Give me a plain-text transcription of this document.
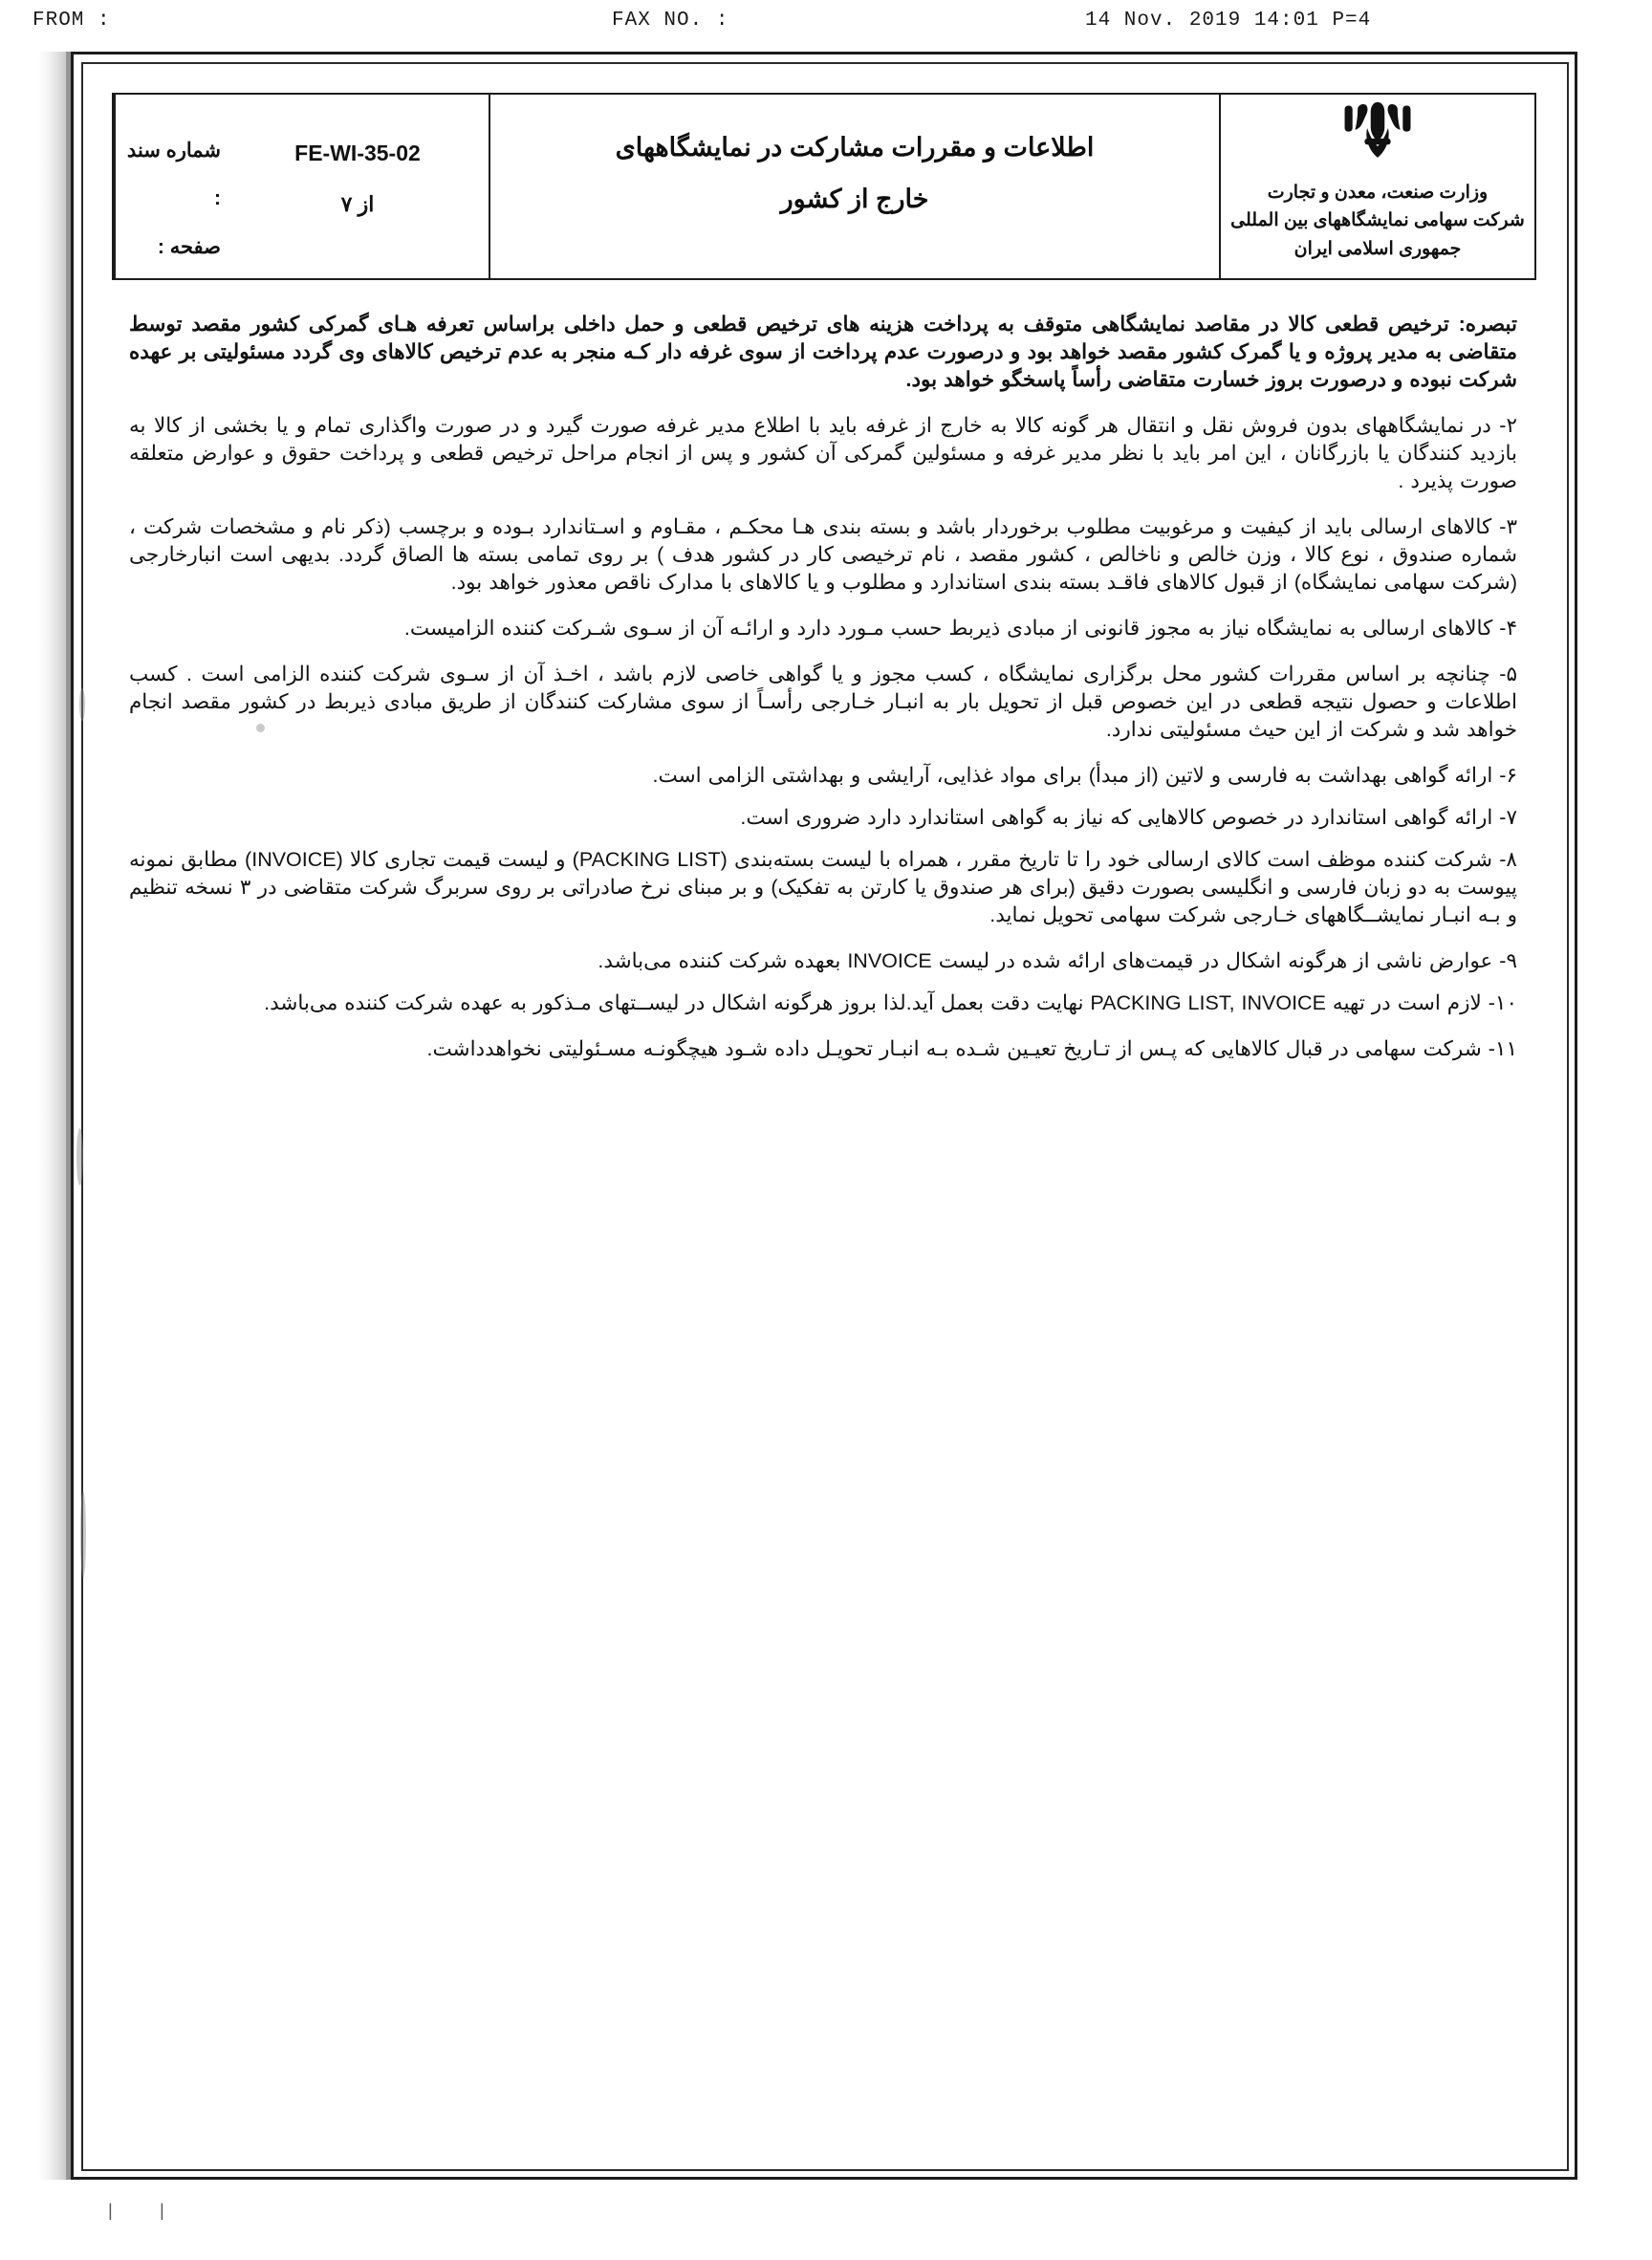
FROM :	FAX NO. :	14 Nov. 2019 14:01 P=4
وزارت صنعت، معدن و تجارت
شرکت سهامی نمایشگاههای بین المللی
جمهوری اسلامی ایران
اطلاعات و مقررات مشارکت در نمایشگاههای
خارج از کشور
FE-WI-35-02
۷ از
شماره سند :
صفحه :

تبصره: ترخیص قطعی کالا در مقاصد نمایشگاهی متوقف به پرداخت هزینه های ترخیص قطعی و حمل داخلی براساس تعرفه هـای گمرکی کشور مقصد توسط متقاضی به مدیر پروژه و یا گمرک کشور مقصد خواهد بود و درصورت عدم پرداخت از سوی غرفه دار کـه منجر به عدم ترخیص کالاهای وی گردد مسئولیتی بر عهده شرکت نبوده و درصورت بروز خسارت متقاضی رأساً پاسخگو خواهد بود.

۲- در نمایشگاههای بدون فروش نقل و انتقال هر گونه کالا به خارج از غرفه باید با اطلاع مدیر غرفه صورت گیرد و در صورت واگذاری تمام و یا بخشی از کالا به بازدید کنندگان یا بازرگانان ، این امر باید با نظر مدیر غرفه و مسئولین گمرکی آن کشور و پس از انجام مراحل ترخیص قطعی و پرداخت حقوق و عوارض متعلقه صورت پذیرد .

۳- کالاهای ارسالی باید از کیفیت و مرغوبیت مطلوب برخوردار باشد و بسته بندی هـا محکـم ، مقـاوم و اسـتاندارد بـوده و برچسب (ذکر نام و مشخصات شرکت ، شماره صندوق ، نوع کالا ، وزن خالص و ناخالص ، کشور مقصد ، نام ترخیصی کار در کشور هدف ) بر روی تمامی بسته ها الصاق گردد. بدیهی است انبارخارجی (شرکت سهامی نمایشگاه) از قبول کالاهای فاقـد بسته بندی استاندارد و مطلوب و یا کالاهای با مدارک ناقص معذور خواهد بود.

۴- کالاهای ارسالی به نمایشگاه نیاز به مجوز قانونی از مبادی ذیربط حسب مـورد دارد و ارائـه آن از سـوی شـرکت کننده الزامیست.

۵- چنانچه بر اساس مقررات کشور محل برگزاری نمایشگاه ، کسب مجوز و یا گواهی خاصی لازم باشد ، اخـذ آن از سـوی شرکت کننده الزامی است . کسب اطلاعات و حصول نتیجه قطعی در این خصوص قبل از تحویل بار به انبـار خـارجی رأسـاً از سوی مشارکت کنندگان از طریق مبادی ذیربط در کشور مقصد انجام خواهد شد و شرکت از این حیث مسئولیتی ندارد.

۶- ارائه گواهی بهداشت به فارسی و لاتین (از مبدأ) برای مواد غذایی، آرایشی و بهداشتی الزامی است.

۷- ارائه گواهی استاندارد در خصوص کالاهایی که نیاز به گواهی استاندارد دارد ضروری است.

۸- شرکت کننده موظف است کالای ارسالی خود را تا تاریخ مقرر ، همراه با لیست بسته‌بندی (PACKING LIST) و لیست قیمت تجاری کالا (INVOICE) مطابق نمونه پیوست به دو زبان فارسی و انگلیسی بصورت دقیق (برای هر صندوق یا کارتن به تفکیک) و بر مبنای نرخ صادراتی بر روی سربرگ شرکت متقاضی در ۳ نسخه تنظیم و بـه انبـار نمایشــگاههای خـارجی شرکت سهامی تحویل نماید.

۹- عوارض ناشی از هرگونه اشکال در قیمت‌های ارائه شده در لیست INVOICE بعهده شرکت کننده می‌باشد.

۱۰- لازم است در تهیه PACKING LIST, INVOICE نهایت دقت بعمل آید.لذا بروز هرگونه اشکال در لیســتهای مـذکور به عهده شرکت کننده می‌باشد.

۱۱- شرکت سهامی در قبال کالاهایی که پـس از تـاریخ تعیـین شـده بـه انبـار تحویـل داده شـود هیچگونـه مسـئولیتی نخواهدداشت.

|    |
